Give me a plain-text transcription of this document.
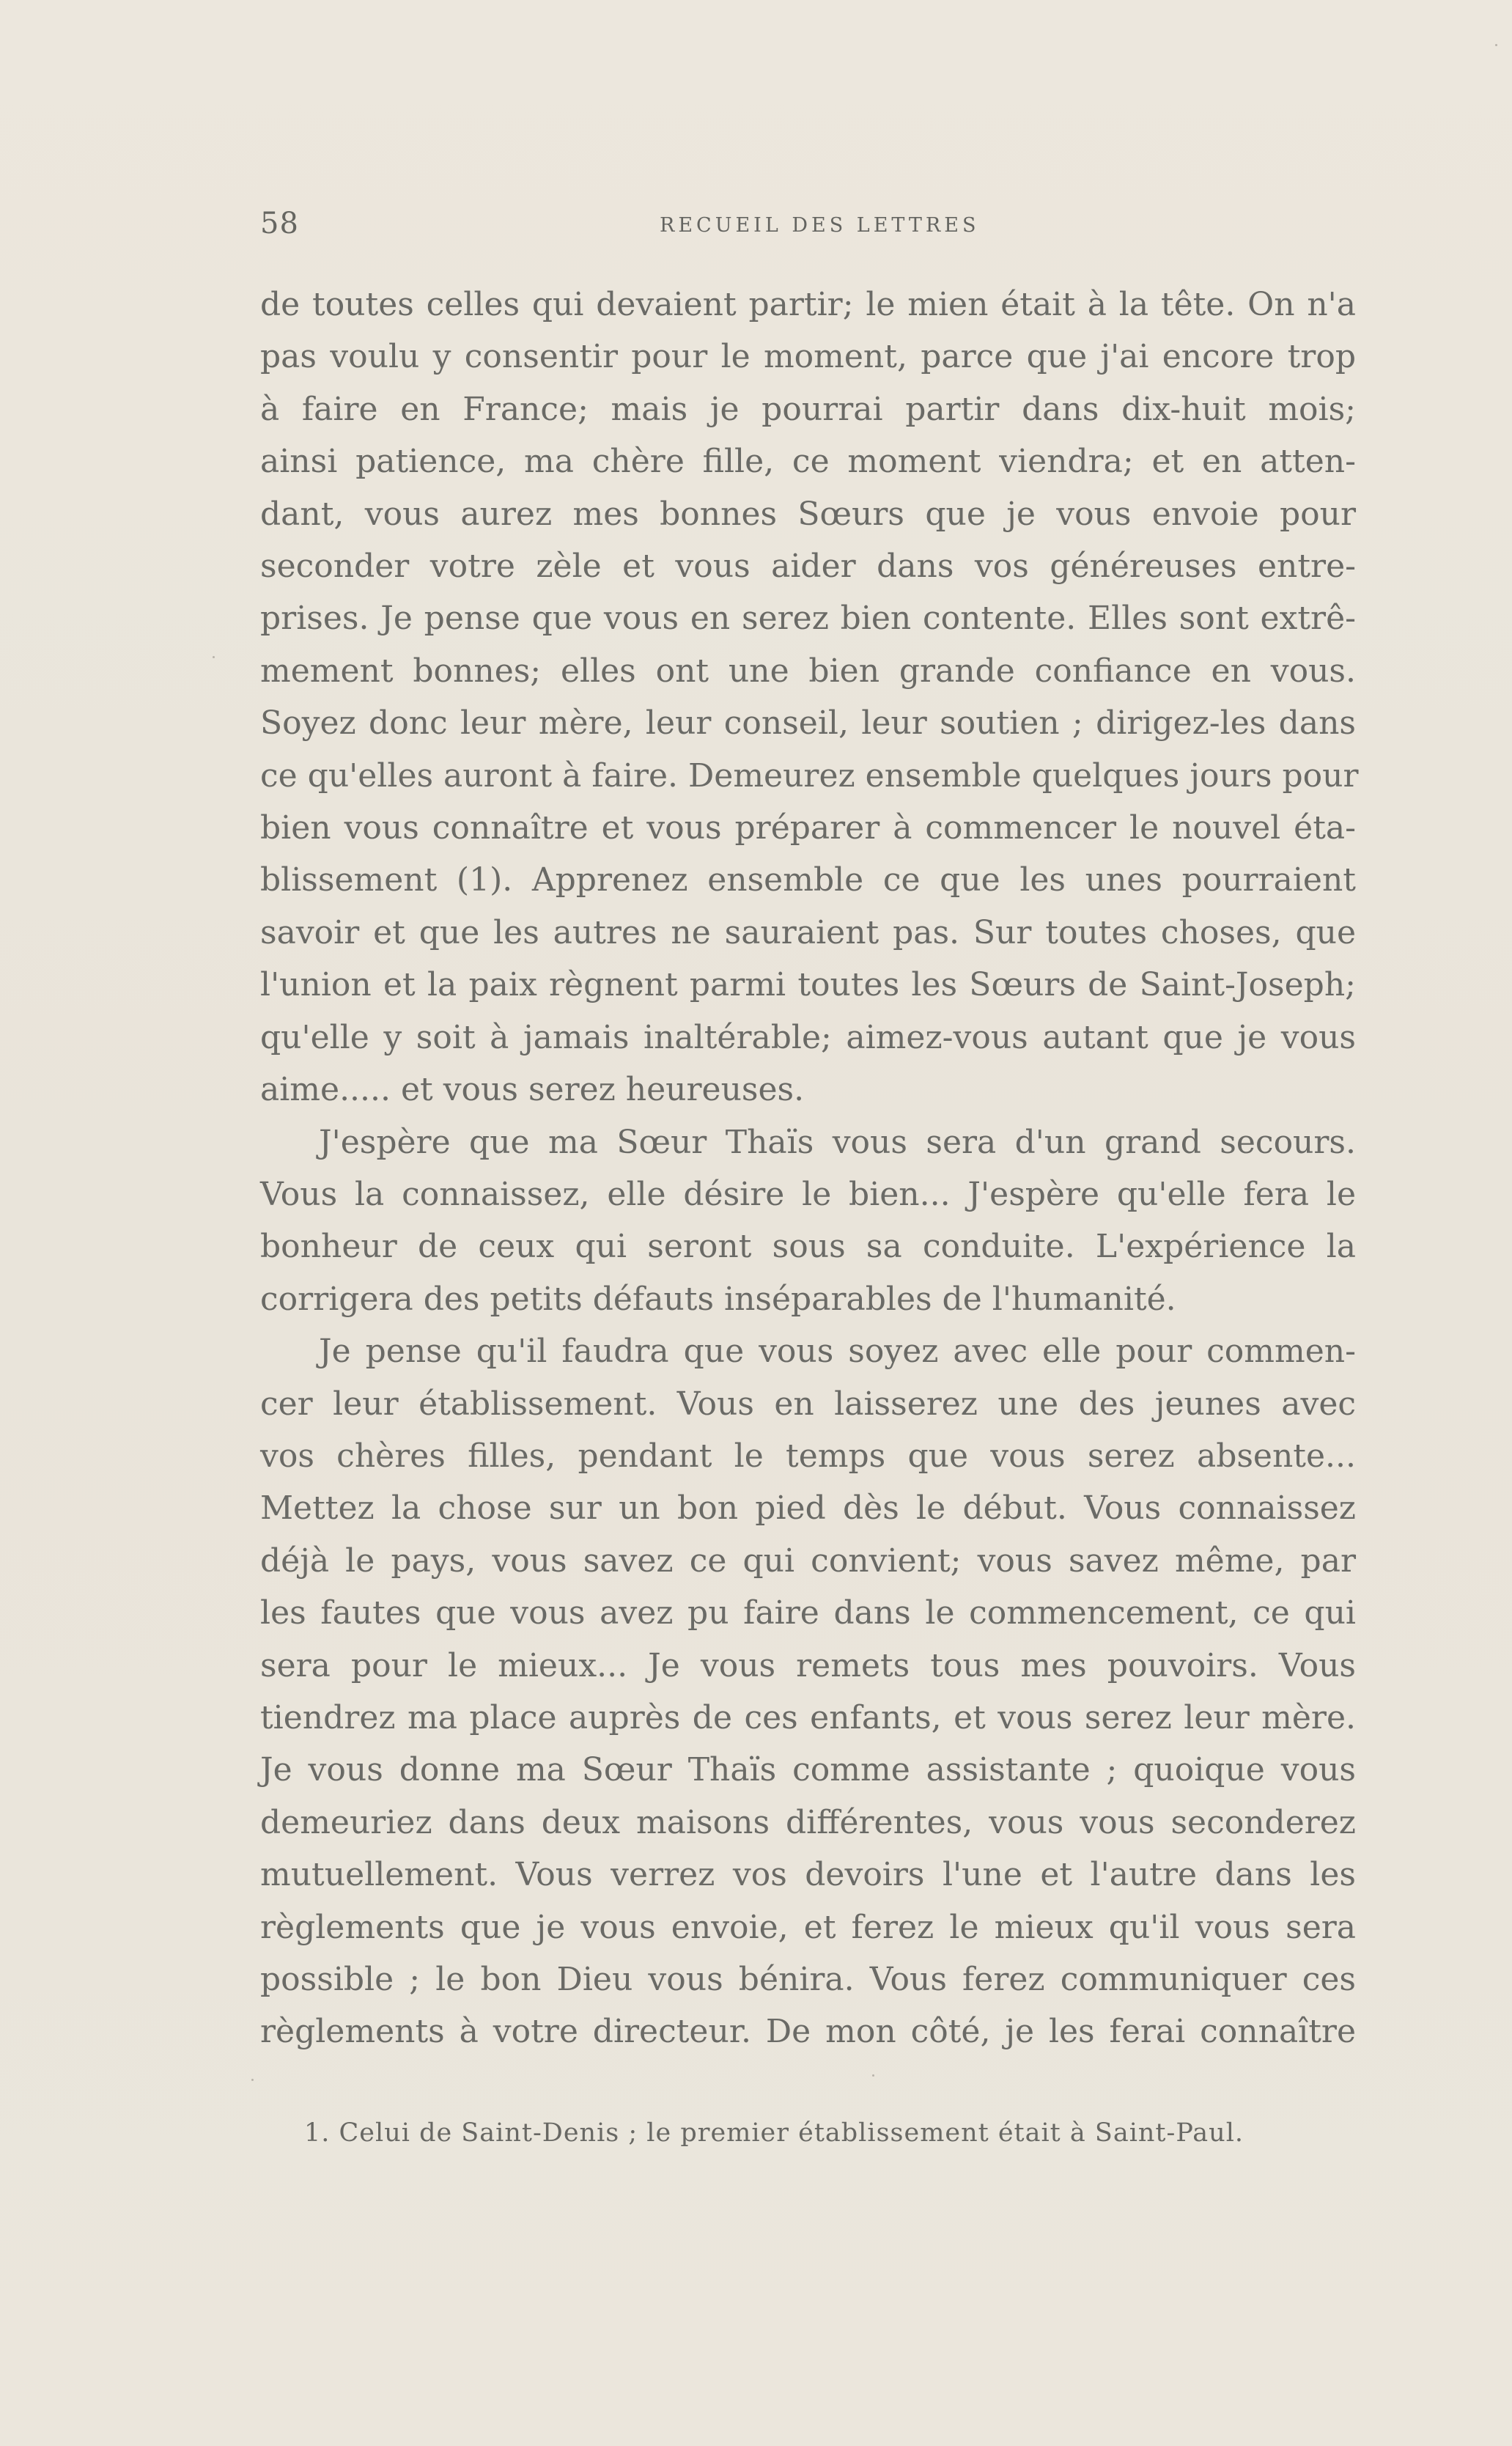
58	RECUEIL DES LETTRES
de toutes celles qui devaient partir; le mien était à la tête. On n'a
pas voulu y consentir pour le moment, parce que j'ai encore trop
à faire en France; mais je pourrai partir dans dix-huit mois;
ainsi patience, ma chère fille, ce moment viendra; et en atten-
dant, vous aurez mes bonnes Sœurs que je vous envoie pour
seconder votre zèle et vous aider dans vos généreuses entre-
prises. Je pense que vous en serez bien contente. Elles sont extrê-
mement bonnes; elles ont une bien grande confiance en vous.
Soyez donc leur mère, leur conseil, leur soutien ; dirigez-les dans
ce qu'elles auront à faire. Demeurez ensemble quelques jours pour
bien vous connaître et vous préparer à commencer le nouvel éta-
blissement (1). Apprenez ensemble ce que les unes pourraient
savoir et que les autres ne sauraient pas. Sur toutes choses, que
l'union et la paix règnent parmi toutes les Sœurs de Saint-Joseph;
qu'elle y soit à jamais inaltérable; aimez-vous autant que je vous
aime..... et vous serez heureuses.
J'espère que ma Sœur Thaïs vous sera d'un grand secours.
Vous la connaissez, elle désire le bien... J'espère qu'elle fera le
bonheur de ceux qui seront sous sa conduite. L'expérience la
corrigera des petits défauts inséparables de l'humanité.
Je pense qu'il faudra que vous soyez avec elle pour commen-
cer leur établissement. Vous en laisserez une des jeunes avec
vos chères filles, pendant le temps que vous serez absente...
Mettez la chose sur un bon pied dès le début. Vous connaissez
déjà le pays, vous savez ce qui convient; vous savez même, par
les fautes que vous avez pu faire dans le commencement, ce qui
sera pour le mieux... Je vous remets tous mes pouvoirs. Vous
tiendrez ma place auprès de ces enfants, et vous serez leur mère.
Je vous donne ma Sœur Thaïs comme assistante ; quoique vous
demeuriez dans deux maisons différentes, vous vous seconderez
mutuellement. Vous verrez vos devoirs l'une et l'autre dans les
règlements que je vous envoie, et ferez le mieux qu'il vous sera
possible ; le bon Dieu vous bénira. Vous ferez communiquer ces
règlements à votre directeur. De mon côté, je les ferai connaître
1. Celui de Saint-Denis ; le premier établissement était à Saint-Paul.
